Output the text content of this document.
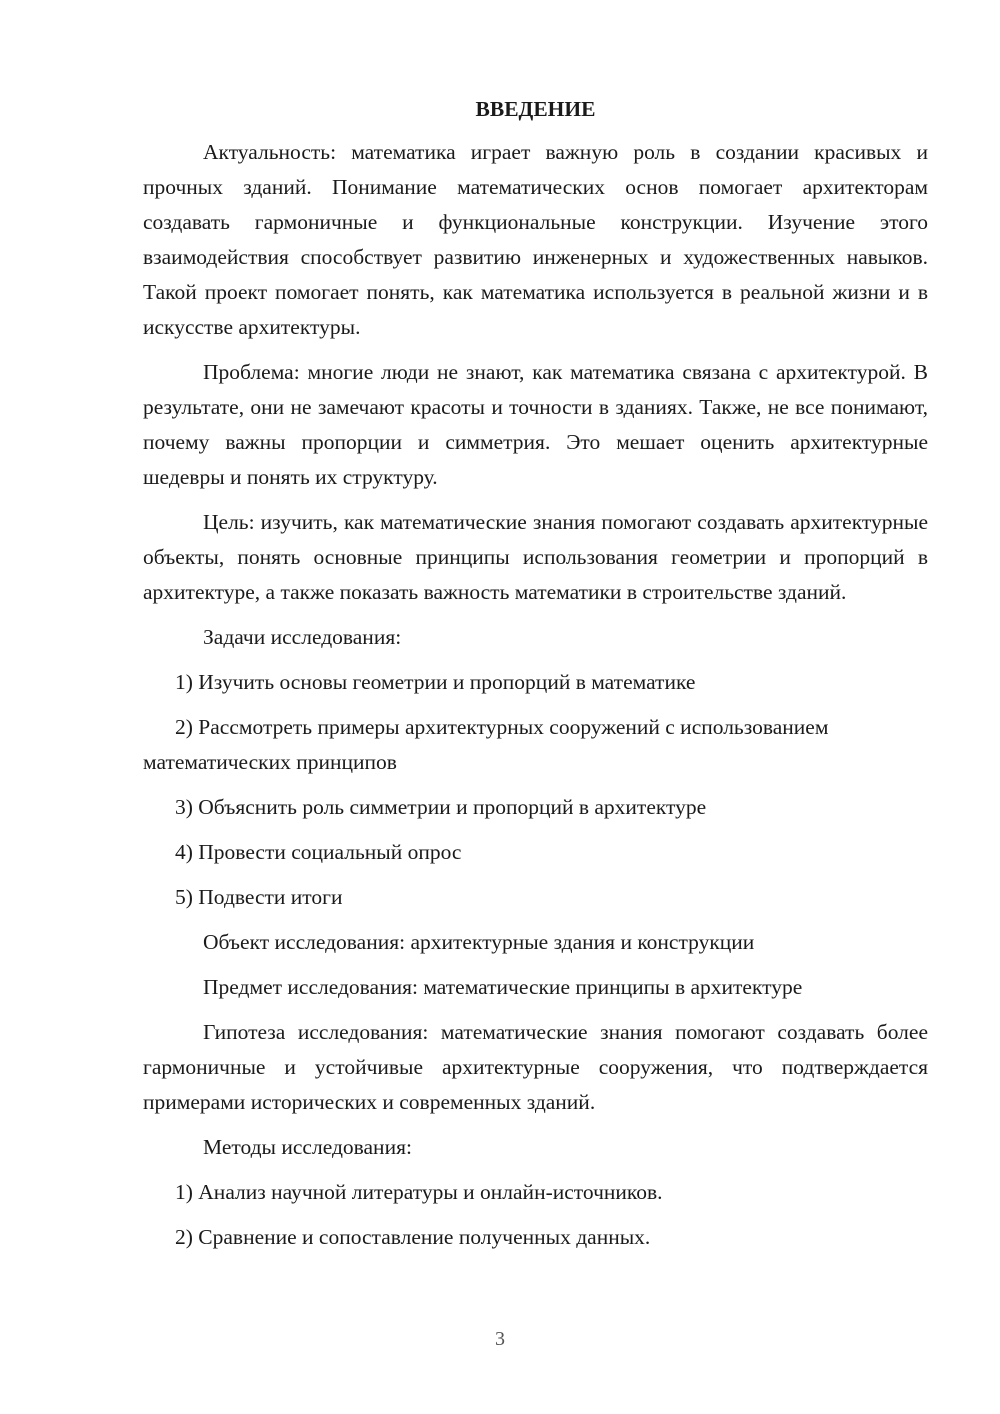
ВВЕДЕНИЕ

Актуальность: математика играет важную роль в создании красивых и прочных зданий. Понимание математических основ помогает архитекторам создавать гармоничные и функциональные конструкции. Изучение этого взаимодействия способствует развитию инженерных и художественных навыков. Такой проект помогает понять, как математика используется в реальной жизни и в искусстве архитектуры.

Проблема: многие люди не знают, как математика связана с архитектурой. В результате, они не замечают красоты и точности в зданиях. Также, не все понимают, почему важны пропорции и симметрия. Это мешает оценить архитектурные шедевры и понять их структуру.

Цель: изучить, как математические знания помогают создавать архитектурные объекты, понять основные принципы использования геометрии и пропорций в архитектуре, а также показать важность математики в строительстве зданий.

Задачи исследования:

1) Изучить основы геометрии и пропорций в математике

2) Рассмотреть примеры архитектурных сооружений с использованием математических принципов

3) Объяснить роль симметрии и пропорций в архитектуре

4) Провести социальный опрос

5) Подвести итоги

Объект исследования: архитектурные здания и конструкции

Предмет исследования: математические принципы в архитектуре

Гипотеза исследования: математические знания помогают создавать более гармоничные и устойчивые архитектурные сооружения, что подтверждается примерами исторических и современных зданий.

Методы исследования:

1) Анализ научной литературы и онлайн-источников.

2) Сравнение и сопоставление полученных данных.

3
